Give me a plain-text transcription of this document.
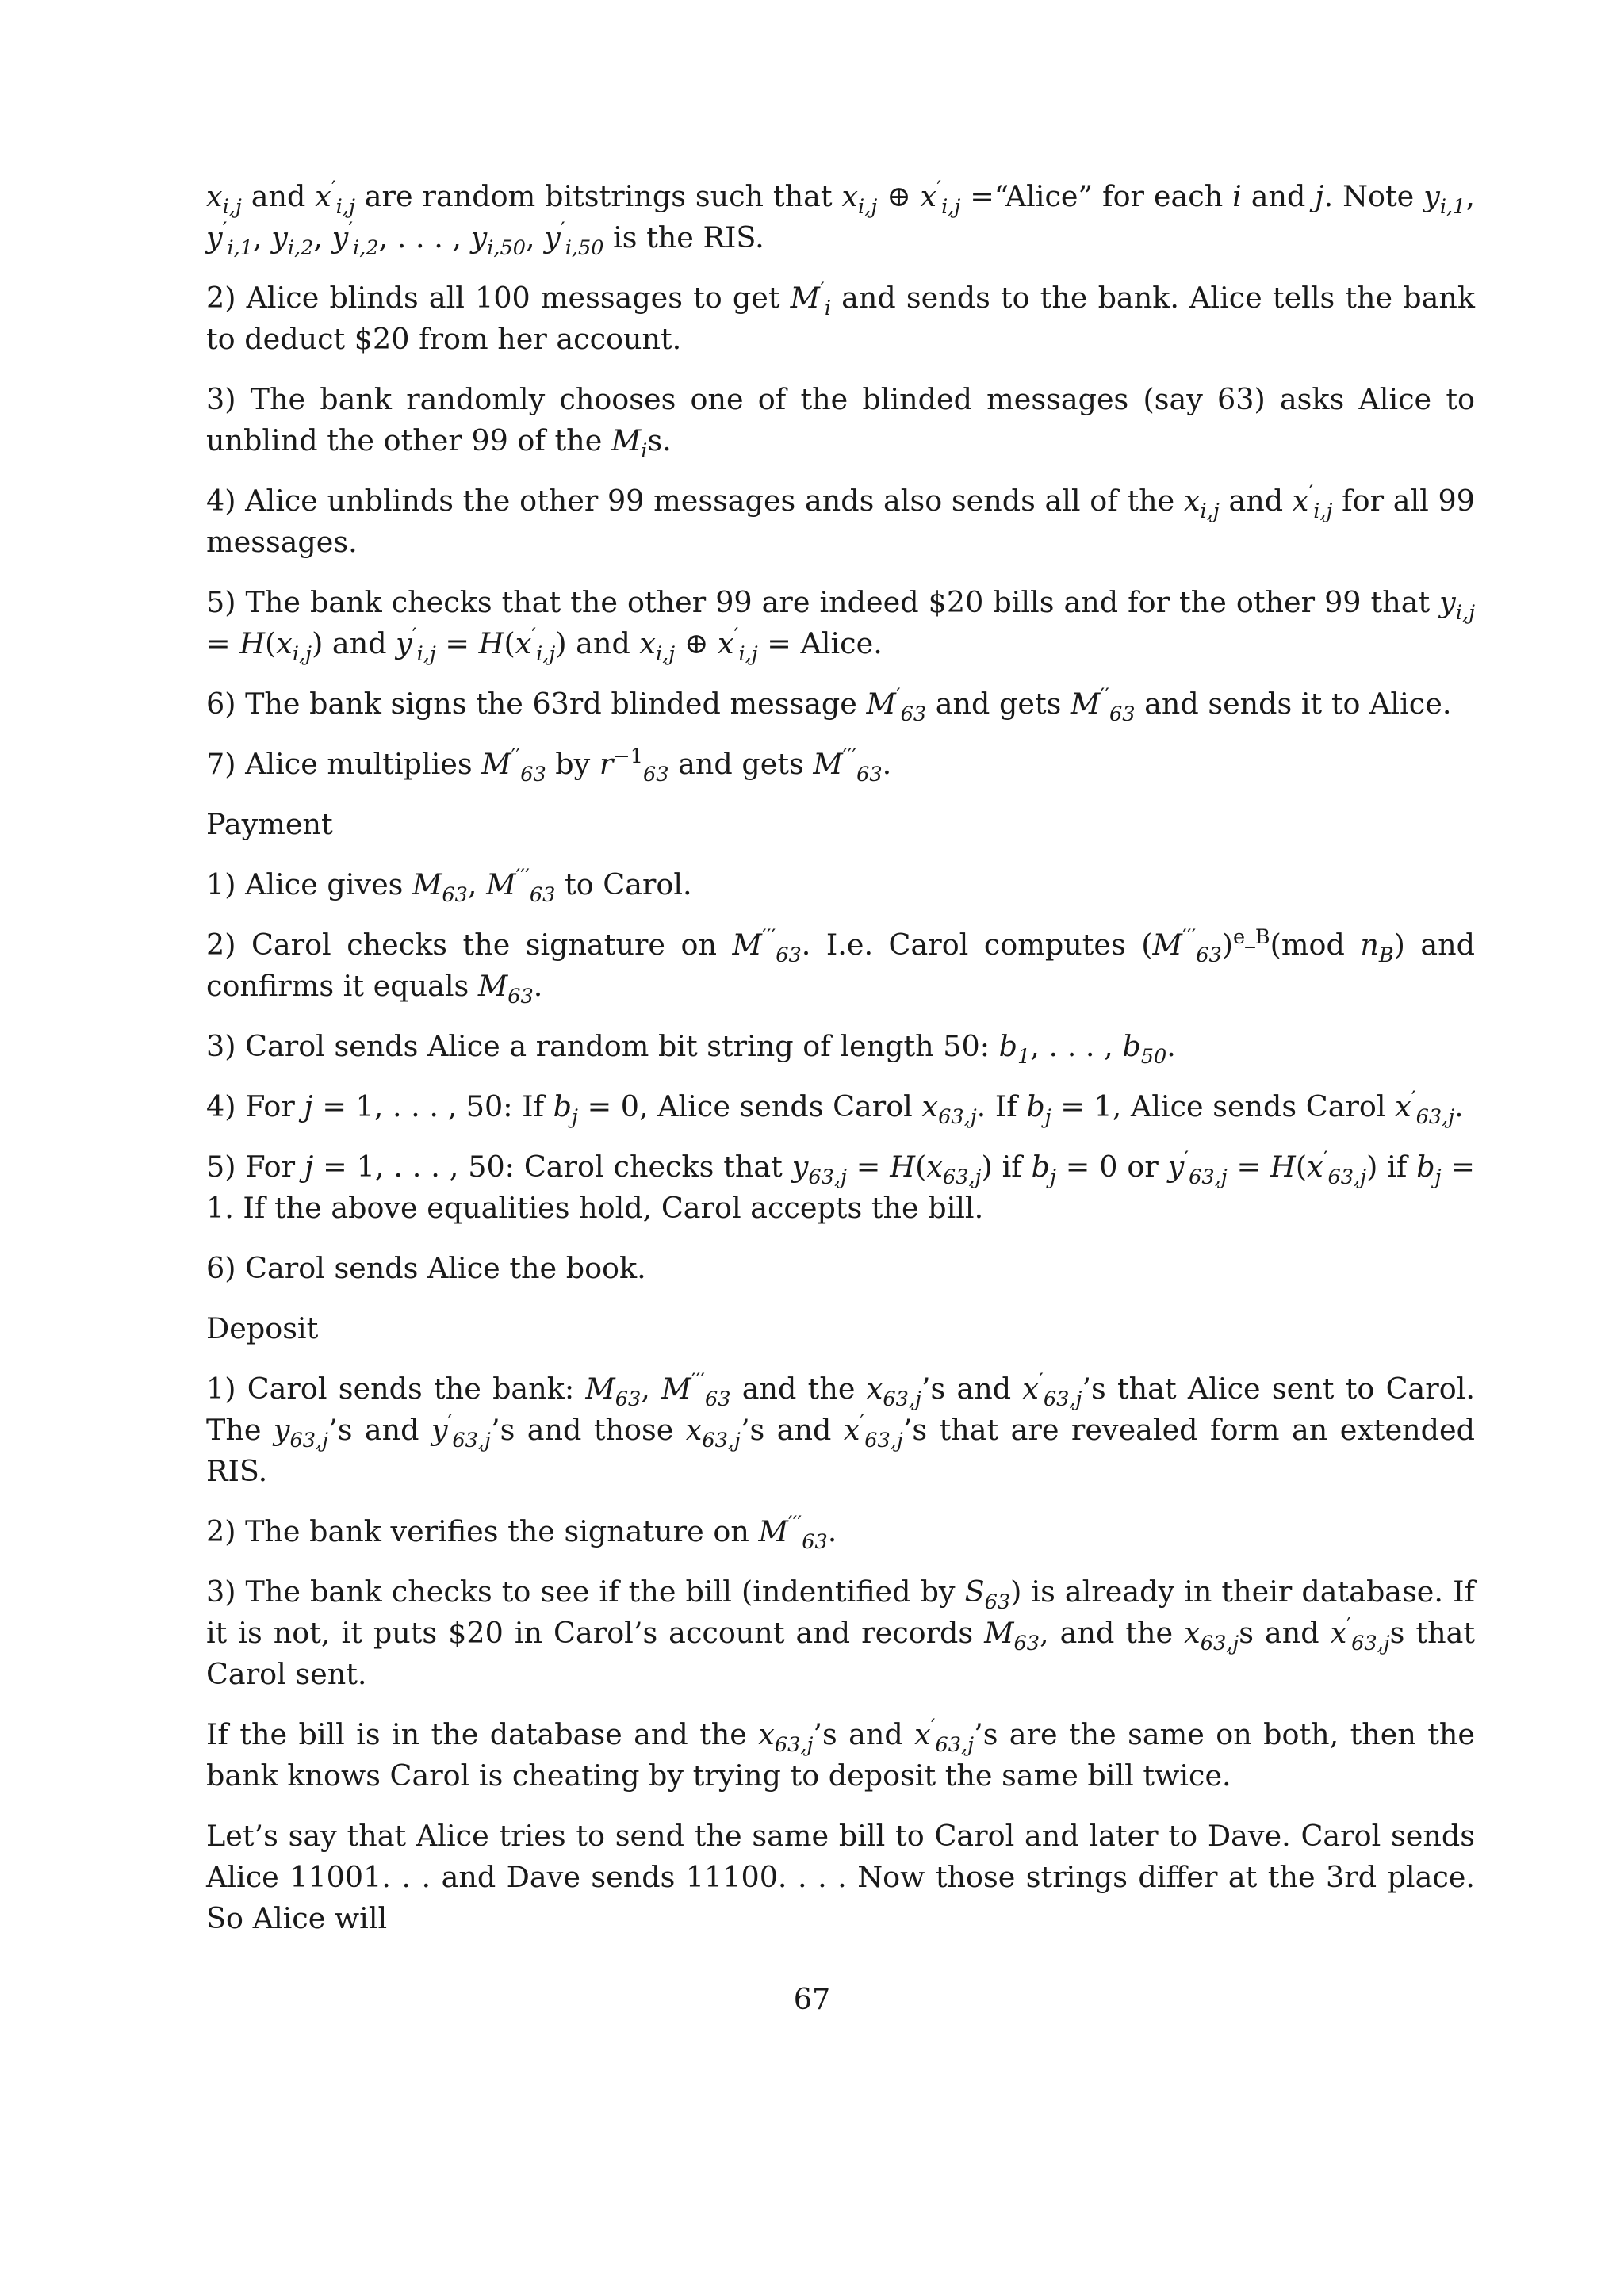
$x_{i,j}$ and $x'_{i,j}$ are random bitstrings such that $x_{i,j}$ ⊕ $x'_{i,j}$ =“Alice” for each i and j. Note $y_{i,1}$, $y'_{i,1}$, $y_{i,2}$, $y'_{i,2}$, . . . , $y_{i,50}$, $y'_{i,50}$ is the RIS.

2) Alice blinds all 100 messages to get $M'_i$ and sends to the bank. Alice tells the bank to deduct $20 from her account.

3) The bank randomly chooses one of the blinded messages (say 63) asks Alice to unblind the other 99 of the $M_is$.

4) Alice unblinds the other 99 messages ands also sends all of the $x_{i,j}$ and $x'_{i,j}$ for all 99 messages.

5) The bank checks that the other 99 are indeed $20 bills and for the other 99 that $y_{i,j} = H(x_{i,j})$ and $y'_{i,j} = H(x'_{i,j})$ and $x_{i,j}$ ⊕ $x'_{i,j}$ = Alice.

6) The bank signs the 63rd blinded message $M'_{63}$ and gets $M''_{63}$ and sends it to Alice.

7) Alice multiplies $M''_{63}$ by $r^{-1}_{63}$ and gets $M'''_{63}$.

Payment

1) Alice gives $M_{63}$, $M'''_{63}$ to Carol.

2) Carol checks the signature on $M'''_{63}$. I.e. Carol computes $(M'''_{63})^{e\_B}(mod$ $n_B$) and confirms it equals $M_{63}$.

3) Carol sends Alice a random bit string of length 50: $b_1$, . . . , $b_{50}$.

4) For j = 1, . . . , 50: If $b_j = 0$, Alice sends Carol $x_{63,j}$. If $b_j = 1$, Alice sends Carol $x'_{63,j}$.

5) For j = 1, . . . , 50: Carol checks that $y_{63,j} = H(x_{63,j})$ if $b_j = 0$ or $y'_{63,j} = H(x'_{63,j})$ if $b_j = 1$. If the above equalities hold, Carol accepts the bill.

6) Carol sends Alice the book.

Deposit

1) Carol sends the bank: $M_{63}$, $M'''_{63}$ and the $x_{63,j}’s$ and $x'_{63,j}’s$ that Alice sent to Carol. The $y_{63,j}’s$ and $y'_{63,j}’s$ and those $x_{63,j}’s$ and $x'_{63,j}’s$ that are revealed form an extended RIS.

2) The bank verifies the signature on $M'''_{63}$.

3) The bank checks to see if the bill (indentified by $S_{63}$) is already in their database. If it is not, it puts $20 in Carol’s account and records $M_{63}$, and the $x_{63,j}s$ and $x'_{63,j}s$ that Carol sent.

If the bill is in the database and the $x_{63,j}’s$ and $x'_{63,j}’s$ are the same on both, then the bank knows Carol is cheating by trying to deposit the same bill twice.

Let’s say that Alice tries to send the same bill to Carol and later to Dave. Carol sends Alice 11001. . . and Dave sends 11100. . . . Now those strings differ at the 3rd place. So Alice will

67
